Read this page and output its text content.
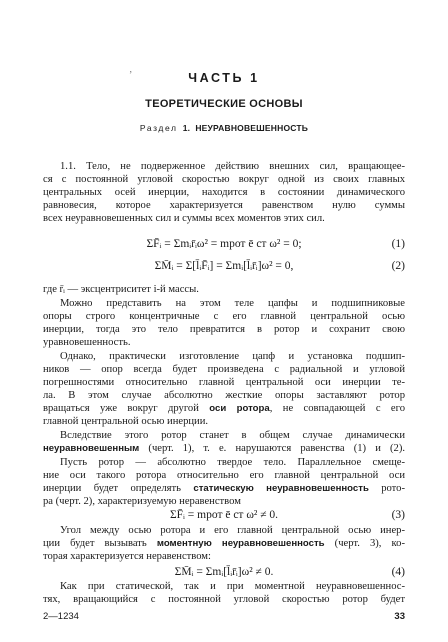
’	ЧАСТЬ 1
ТЕОРЕТИЧЕСКИЕ ОСНОВЫ
Раздел 1. НЕУРАВНОВЕШЕННОСТЬ
1.1. Тело, не подверженное действию внешних сил, вращающее-
ся с постоянной угловой скоростью вокруг одной из своих главных
центральных осей инерции, находится в состоянии динамического
равновесия, которое характеризуется равенством нулю суммы
всех неуравновешенных сил и суммы всех моментов этих сил.
ΣF̄ᵢ = Σmᵢr̄ᵢω² = mрот ē ст ω² = 0;	(1)
ΣM̄ᵢ = Σ[l̄ᵢF̄ᵢ] = Σmᵢ[l̄ᵢr̄ᵢ]ω² = 0,	(2)
где r̄ᵢ — эксцентриситет i-й массы.
Можно представить на этом теле цапфы и подшипниковые
опоры строго концентричные с его главной центральной осью
инерции, тогда это тело превратится в ротор и сохранит свою
уравновешенность.
Однако, практически изготовление цапф и установка подшип-
ников — опор всегда будет произведена с радиальной и угловой
погрешностями относительно главной центральной оси инерции те-
ла. В этом случае абсолютно жесткие опоры заставляют ротор
вращаться уже вокруг другой оси ротора, не совпадающей с его
главной центральной осью инерции.
Вследствие этого ротор станет в общем случае динамически
неуравновешенным (черт. 1), т. е. нарушаются равенства (1) и (2).
Пусть ротор — абсолютно твердое тело. Параллельное смеще-
ние оси такого ротора относительно его главной центральной оси
инерции будет определять статическую неуравновешенность рото-
ра (черт. 2), характеризуемую неравенством
ΣF̄ᵢ = mрот ē ст ω² ≠ 0.	(3)
Угол между осью ротора и его главной центральной осью инер-
ции будет вызывать моментную неуравновешенность (черт. 3), ко-
торая характеризуется неравенством:
ΣM̄ᵢ = Σmᵢ[l̄ᵢr̄ᵢ]ω² ≠ 0.	(4)
Как при статической, так и при моментной неуравновешеннос-
тях, вращающийся с постоянной угловой скоростью ротор будет
2—1234	33
